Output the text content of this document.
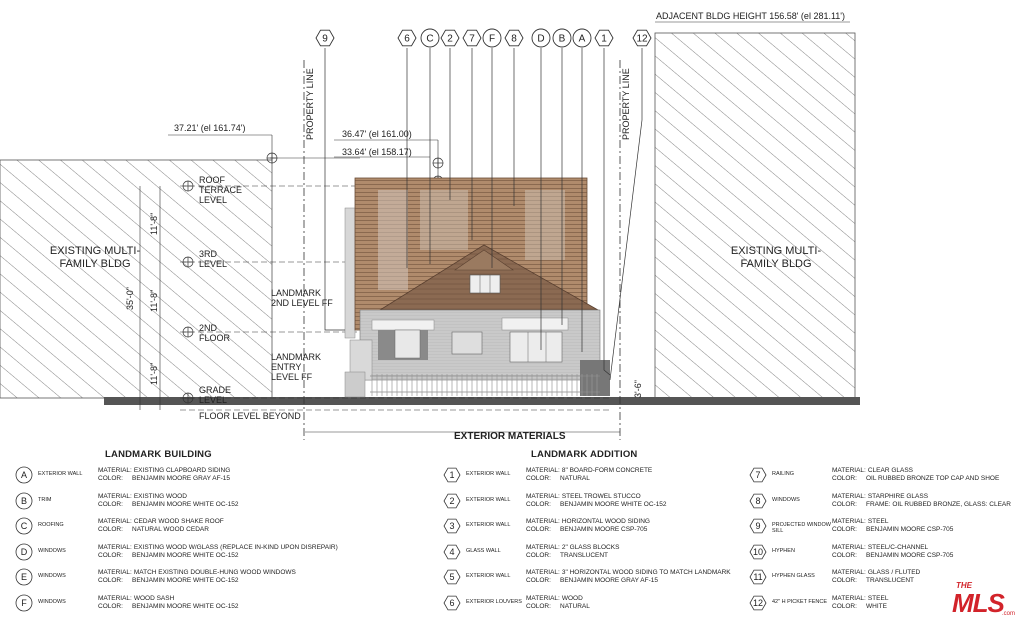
PROPERTY LINE	PROPERTY LINE
35'-0"
11'-8"
11'-8"
11'-8"
3'-6"
9	6 C 2 7 F 8 D B A 1	12
ADJACENT BLDG HEIGHT 156.58' (el 281.11')
37.21' (el 161.74')
36.47' (el 161.00)
33.64' (el 158.17)
ROOF TERRACE LEVEL
3RD LEVEL
2ND FLOOR
GRADE LEVEL
FLOOR LEVEL BEYOND
LANDMARK 2ND LEVEL FF
LANDMARK ENTRY LEVEL FF
EXISTING MULTI-FAMILY BLDG
EXISTING MULTI-FAMILY BLDG
EXTERIOR MATERIALS
LANDMARK BUILDING	LANDMARK ADDITION
A EXTERIOR WALL	MATERIAL: EXISTING CLAPBOARD SIDING
COLOR: BENJAMIN MOORE GRAY AF-15
B TRIM	MATERIAL: EXISTING WOOD
COLOR: BENJAMIN MOORE WHITE OC-152
C ROOFING	MATERIAL: CEDAR WOOD SHAKE ROOF
COLOR: NATURAL WOOD CEDAR
D WINDOWS	MATERIAL: EXISTING WOOD W/GLASS (REPLACE IN-KIND UPON DISREPAIR)
COLOR: BENJAMIN MOORE WHITE OC-152
E WINDOWS	MATERIAL: MATCH EXISTING DOUBLE-HUNG WOOD WINDOWS
COLOR: BENJAMIN MOORE WHITE OC-152
F WINDOWS	MATERIAL: WOOD SASH
COLOR: BENJAMIN MOORE WHITE OC-152
1 EXTERIOR WALL	MATERIAL: 8" BOARD-FORM CONCRETE
COLOR: NATURAL
2 EXTERIOR WALL	MATERIAL: STEEL TROWEL STUCCO
COLOR: BENJAMIN MOORE WHITE OC-152
3 EXTERIOR WALL	MATERIAL: HORIZONTAL WOOD SIDING
COLOR: BENJAMIN MOORE CSP-705
4 GLASS WALL	MATERIAL: 2" GLASS BLOCKS
COLOR: TRANSLUCENT
5 EXTERIOR WALL	MATERIAL: 3" HORIZONTAL WOOD SIDING TO MATCH LANDMARK
COLOR: BENJAMIN MOORE GRAY AF-15
6 EXTERIOR LOUVERS MATERIAL: WOOD
COLOR: NATURAL
7 RAILING	MATERIAL: CLEAR GLASS
COLOR: OIL RUBBED BRONZE TOP CAP AND SHOE
8 WINDOWS	MATERIAL: STARPHIRE GLASS
COLOR: FRAME: OIL RUBBED BRONZE, GLASS: CLEAR
9 PROJECTED WINDOW SILL
MATERIAL: STEEL
COLOR: BENJAMIN MOORE CSP-705
10 HYPHEN	MATERIAL: STEEL/C-CHANNEL
COLOR: BENJAMIN MOORE CSP-705
11 HYPHEN GLASS	MATERIAL: GLASS / FLUTED
COLOR: TRANSLUCENT
12 42" H PICKET FENCE MATERIAL: STEEL
COLOR: WHITE
THE
MLS
.com
